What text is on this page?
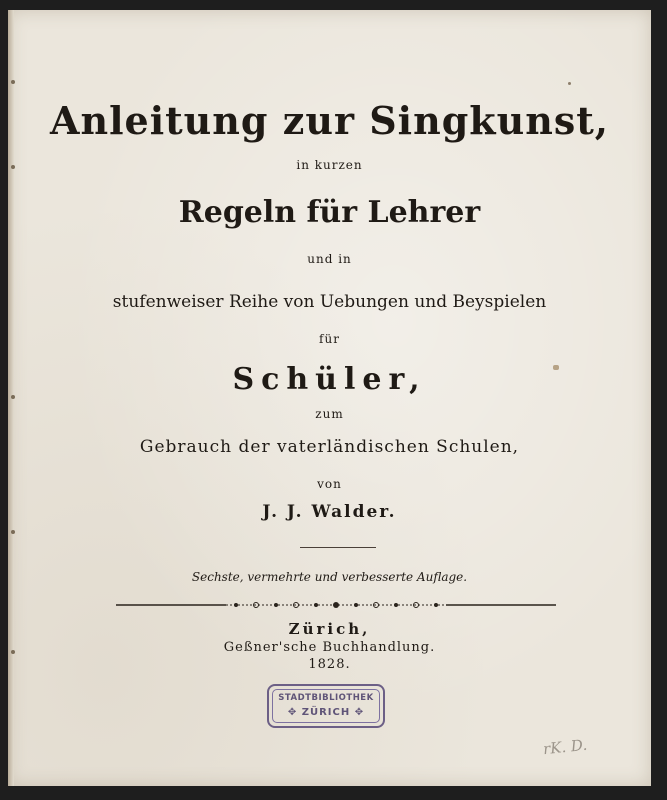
Anleitung zur Singkunst,
in kurzen
Regeln für Lehrer
und in
stufenweiser Reihe von Uebungen und Beyspielen
für
Schüler,
zum
Gebrauch der vaterländischen Schulen,
von
J. J. Walder.
Sechste, vermehrte und verbesserte Auflage.
Zürich,
Geßner'sche Buchhandlung.
1828.
STADTBIBLIOTHEK
✥ ZÜRICH ✥
rK. D.
